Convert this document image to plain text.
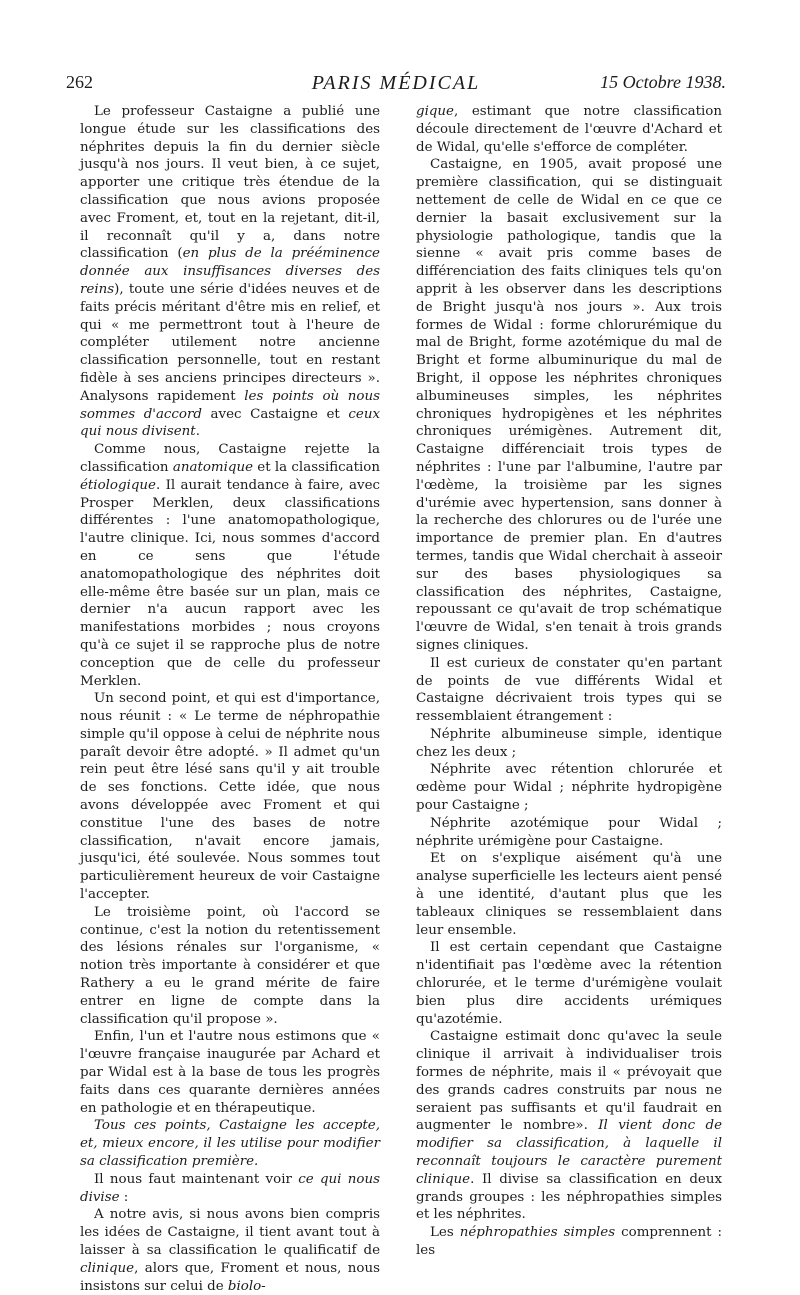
262	PARIS MÉDICAL	15 Octobre 1938.

Le professeur Castaigne a publié une longue étude sur les classifications des néphrites depuis la fin du dernier siècle jusqu'à nos jours. Il veut bien, à ce sujet, apporter une critique très étendue de la classification que nous avions proposée avec Froment, et, tout en la rejetant, dit-il, il reconnaît qu'il y a, dans notre classification (en plus de la prééminence donnée aux insuffisances diverses des reins), toute une série d'idées neuves et de faits précis méritant d'être mis en relief, et qui « me permettront tout à l'heure de compléter utilement notre ancienne classification personnelle, tout en restant fidèle à ses anciens principes directeurs ». Analysons rapidement les points où nous sommes d'accord avec Castaigne et ceux qui nous divisent.

Comme nous, Castaigne rejette la classification anatomique et la classification étiologique. Il aurait tendance à faire, avec Prosper Merklen, deux classifications différentes : l'une anatomopathologique, l'autre clinique. Ici, nous sommes d'accord en ce sens que l'étude anatomopathologique des néphrites doit elle-même être basée sur un plan, mais ce dernier n'a aucun rapport avec les manifestations morbides ; nous croyons qu'à ce sujet il se rapproche plus de notre conception que de celle du professeur Merklen.

Un second point, et qui est d'importance, nous réunit : « Le terme de néphropathie simple qu'il oppose à celui de néphrite nous paraît devoir être adopté. » Il admet qu'un rein peut être lésé sans qu'il y ait trouble de ses fonctions. Cette idée, que nous avons développée avec Froment et qui constitue l'une des bases de notre classification, n'avait encore jamais, jusqu'ici, été soulevée. Nous sommes tout particulièrement heureux de voir Castaigne l'accepter.

Le troisième point, où l'accord se continue, c'est la notion du retentissement des lésions rénales sur l'organisme, « notion très importante à considérer et que Rathery a eu le grand mérite de faire entrer en ligne de compte dans la classification qu'il propose ».

Enfin, l'un et l'autre nous estimons que « l'œuvre française inaugurée par Achard et par Widal est à la base de tous les progrès faits dans ces quarante dernières années en pathologie et en thérapeutique.

Tous ces points, Castaigne les accepte, et, mieux encore, il les utilise pour modifier sa classification première.

Il nous faut maintenant voir ce qui nous divise :

A notre avis, si nous avons bien compris les idées de Castaigne, il tient avant tout à laisser à sa classification le qualificatif de clinique, alors que, Froment et nous, nous insistons sur celui de biolo-

gique, estimant que notre classification découle directement de l'œuvre d'Achard et de Widal, qu'elle s'efforce de compléter.

Castaigne, en 1905, avait proposé une première classification, qui se distinguait nettement de celle de Widal en ce que ce dernier la basait exclusivement sur la physiologie pathologique, tandis que la sienne « avait pris comme bases de différenciation des faits cliniques tels qu'on apprit à les observer dans les descriptions de Bright jusqu'à nos jours ». Aux trois formes de Widal : forme chlorurémique du mal de Bright, forme azotémique du mal de Bright et forme albuminurique du mal de Bright, il oppose les néphrites chroniques albumineuses simples, les néphrites chroniques hydropigènes et les néphrites chroniques urémigènes. Autrement dit, Castaigne différenciait trois types de néphrites : l'une par l'albumine, l'autre par l'œdème, la troisième par les signes d'urémie avec hypertension, sans donner à la recherche des chlorures ou de l'urée une importance de premier plan. En d'autres termes, tandis que Widal cherchait à asseoir sur des bases physiologiques sa classification des néphrites, Castaigne, repoussant ce qu'avait de trop schématique l'œuvre de Widal, s'en tenait à trois grands signes cliniques.

Il est curieux de constater qu'en partant de points de vue différents Widal et Castaigne décrivaient trois types qui se ressemblaient étrangement :

Néphrite albumineuse simple, identique chez les deux ;

Néphrite avec rétention chlorurée et œdème pour Widal ; néphrite hydropigène pour Castaigne ;

Néphrite azotémique pour Widal ; néphrite urémigène pour Castaigne.

Et on s'explique aisément qu'à une analyse superficielle les lecteurs aient pensé à une identité, d'autant plus que les tableaux cliniques se ressemblaient dans leur ensemble.

Il est certain cependant que Castaigne n'identifiait pas l'œdème avec la rétention chlorurée, et le terme d'urémigène voulait bien plus dire accidents urémiques qu'azotémie.

Castaigne estimait donc qu'avec la seule clinique il arrivait à individualiser trois formes de néphrite, mais il « prévoyait que des grands cadres construits par nous ne seraient pas suffisants et qu'il faudrait en augmenter le nombre». Il vient donc de modifier sa classification, à laquelle il reconnaît toujours le caractère purement clinique. Il divise sa classification en deux grands groupes : les néphropathies simples et les néphrites.

Les néphropathies simples comprennent : les
